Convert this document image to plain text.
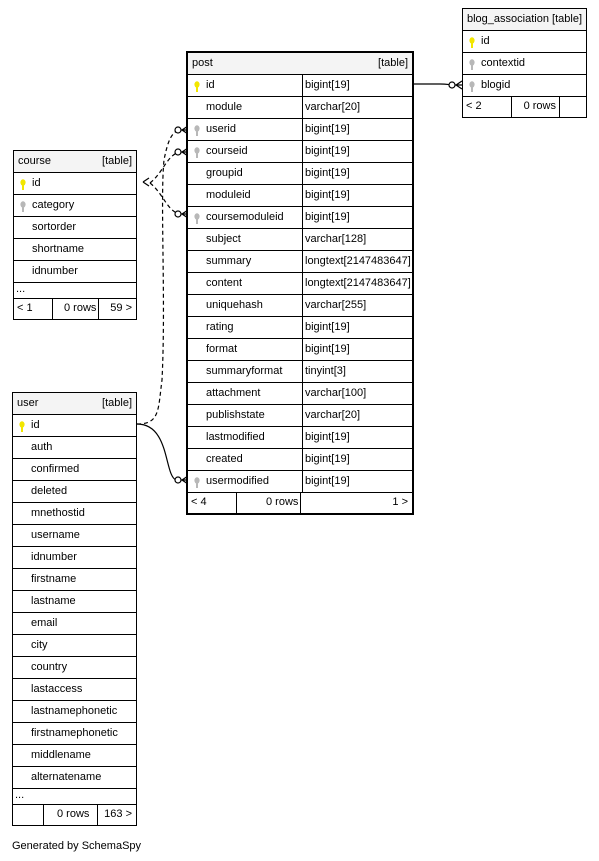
blog_association [table]
id
contextid
blogid
< 2	0 rows
post	[table]
id	bigint[19]
module	varchar[20]
userid	bigint[19]
courseid	bigint[19]
groupid	bigint[19]
moduleid	bigint[19]
coursemoduleid bigint[19]
subject	varchar[128]
summary	longtext[2147483647]
content	longtext[2147483647]
uniquehash	varchar[255]
rating	bigint[19]
format	bigint[19]
summaryformat tinyint[3]
attachment	varchar[100]
publishstate	varchar[20]
lastmodified	bigint[19]
created	bigint[19]
usermodified	bigint[19]
< 4	0 rows	1 >
course	[table]
id
category
sortorder
shortname
idnumber
...
< 1	0 rows 59 >
user	[table]
id
auth
confirmed
deleted
mnethostid
username
idnumber
firstname
lastname
email
city
country
lastaccess
lastnamephonetic
firstnamephonetic
middlename
alternatename
...
0 rows 163 >
Generated by SchemaSpy
